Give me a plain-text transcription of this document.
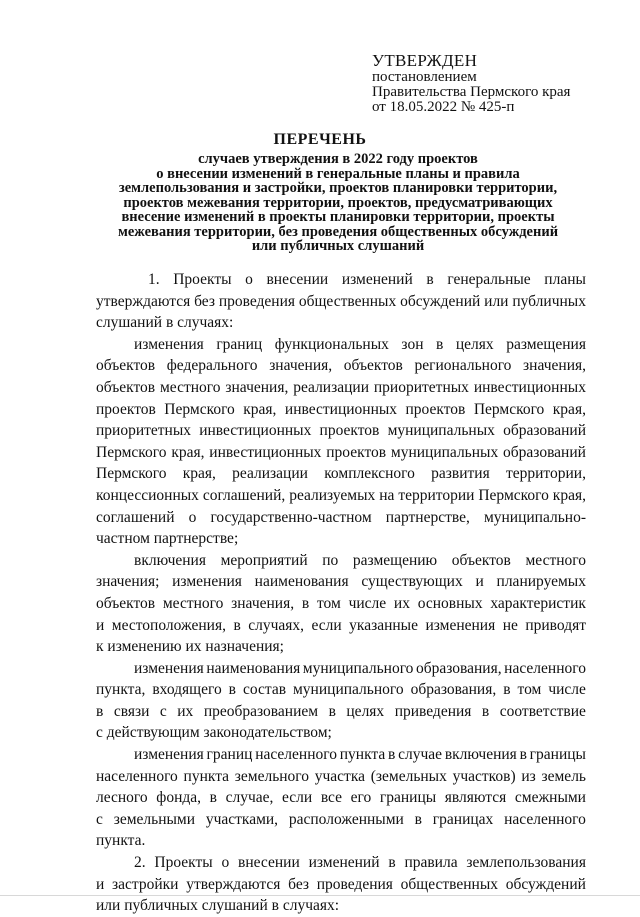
УТВЕРЖДЕН
постановлением
Правительства Пермского края
от 18.05.2022 № 425-п
ПЕРЕЧЕНЬ
случаев утверждения в 2022 году проектов
о внесении изменений в генеральные планы и правила
землепользования и застройки, проектов планировки территории,
проектов межевания территории, проектов, предусматривающих
внесение изменений в проекты планировки территории, проекты
межевания территории, без проведения общественных обсуждений
или публичных слушаний
1. Проекты о внесении изменений в генеральные планы
утверждаются без проведения общественных обсуждений или публичных
слушаний в случаях:
изменения границ функциональных зон в целях размещения
объектов федерального значения, объектов регионального значения,
объектов местного значения, реализации приоритетных инвестиционных
проектов Пермского края, инвестиционных проектов Пермского края,
приоритетных инвестиционных проектов муниципальных образований
Пермского края, инвестиционных проектов муниципальных образований
Пермского края, реализации комплексного развития территории,
концессионных соглашений, реализуемых на территории Пермского края,
соглашений о государственно-частном партнерстве, муниципально-
частном партнерстве;
включения мероприятий по размещению объектов местного
значения; изменения наименования существующих и планируемых
объектов местного значения, в том числе их основных характеристик
и местоположения, в случаях, если указанные изменения не приводят
к изменению их назначения;
изменения наименования муниципального образования, населенного
пункта, входящего в состав муниципального образования, в том числе
в связи с их преобразованием в целях приведения в соответствие
с действующим законодательством;
изменения границ населенного пункта в случае включения в границы
населенного пункта земельного участка (земельных участков) из земель
лесного фонда, в случае, если все его границы являются смежными
с земельными участками, расположенными в границах населенного
пункта.
2. Проекты о внесении изменений в правила землепользования
и застройки утверждаются без проведения общественных обсуждений
или публичных слушаний в случаях:
